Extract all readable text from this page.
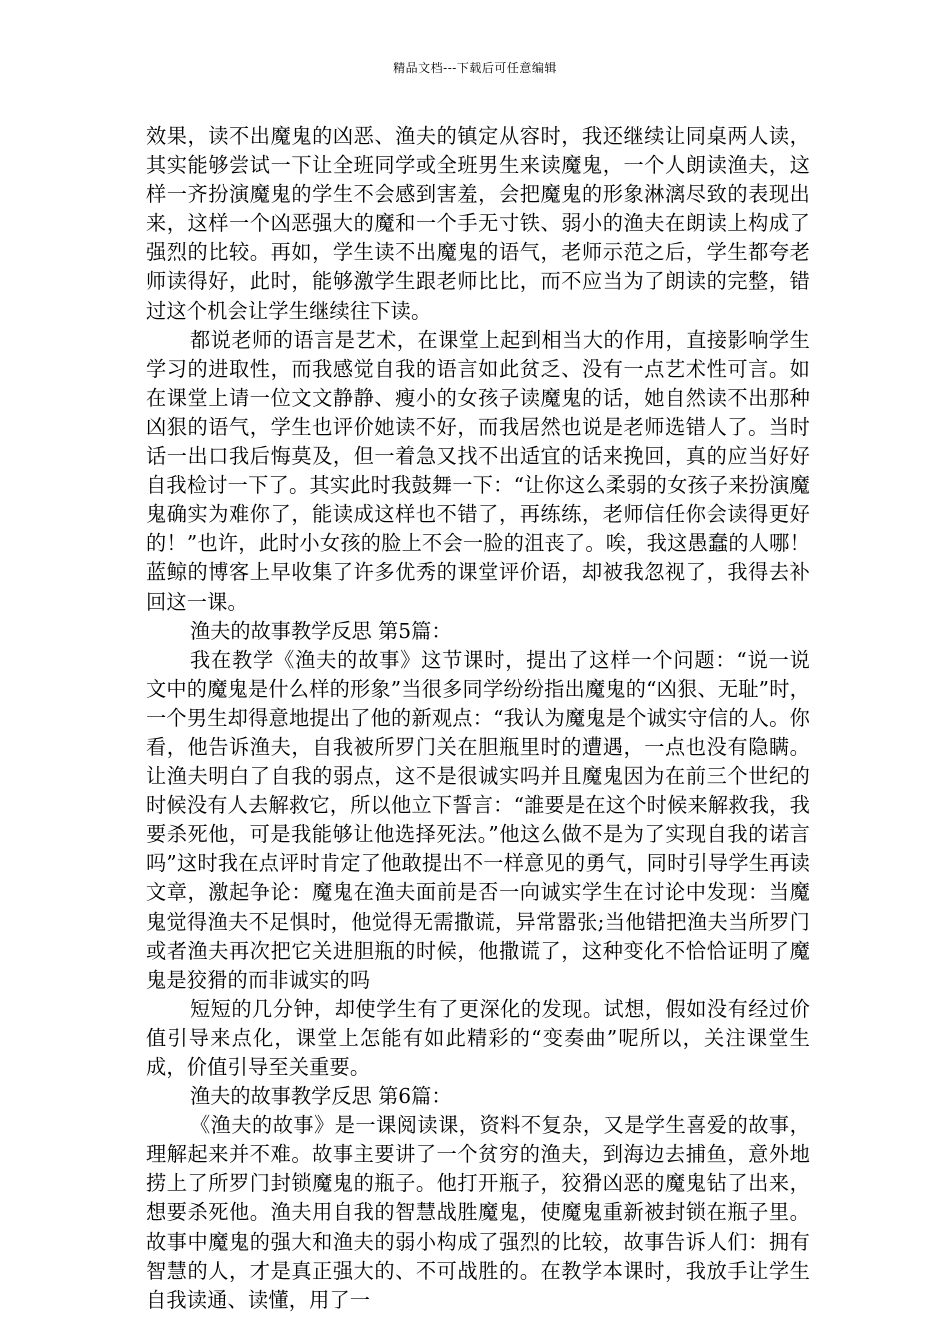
精品文档---下载后可任意编辑

效果，读不出魔鬼的凶恶、渔夫的镇定从容时，我还继续让同桌两人读，其实能够尝试一下让全班同学或全班男生来读魔鬼，一个人朗读渔夫，这样一齐扮演魔鬼的学生不会感到害羞，会把魔鬼的形象淋漓尽致的表现出来，这样一个凶恶强大的魔和一个手无寸铁、弱小的渔夫在朗读上构成了强烈的比较。再如，学生读不出魔鬼的语气，老师示范之后，学生都夸老师读得好，此时，能够激学生跟老师比比，而不应当为了朗读的完整，错过这个机会让学生继续往下读。

都说老师的语言是艺术，在课堂上起到相当大的作用，直接影响学生学习的进取性，而我感觉自我的语言如此贫乏、没有一点艺术性可言。如在课堂上请一位文文静静、瘦小的女孩子读魔鬼的话，她自然读不出那种凶狠的语气，学生也评价她读不好，而我居然也说是老师选错人了。当时话一出口我后悔莫及，但一着急又找不出适宜的话来挽回，真的应当好好自我检讨一下了。其实此时我鼓舞一下：“让你这么柔弱的女孩子来扮演魔鬼确实为难你了，能读成这样也不错了，再练练，老师信任你会读得更好的！”也许，此时小女孩的脸上不会一脸的沮丧了。唉，我这愚蠢的人哪！蓝鲸的博客上早收集了许多优秀的课堂评价语，却被我忽视了，我得去补回这一课。

渔夫的故事教学反思 第5篇：

我在教学《渔夫的故事》这节课时，提出了这样一个问题：“说一说文中的魔鬼是什么样的形象”当很多同学纷纷指出魔鬼的“凶狠、无耻”时，一个男生却得意地提出了他的新观点：“我认为魔鬼是个诚实守信的人。你看，他告诉渔夫，自我被所罗门关在胆瓶里时的遭遇，一点也没有隐瞒。让渔夫明白了自我的弱点，这不是很诚实吗并且魔鬼因为在前三个世纪的时候没有人去解救它，所以他立下誓言：“誰要是在这个时候来解救我，我要杀死他，可是我能够让他选择死法。”他这么做不是为了实现自我的诺言吗”这时我在点评时肯定了他敢提出不一样意见的勇气，同时引导学生再读文章，激起争论：魔鬼在渔夫面前是否一向诚实学生在讨论中发现：当魔鬼觉得渔夫不足惧时，他觉得无需撒谎，异常嚣张;当他错把渔夫当所罗门或者渔夫再次把它关进胆瓶的时候，他撒谎了，这种变化不恰恰证明了魔鬼是狡猾的而非诚实的吗

短短的几分钟，却使学生有了更深化的发现。试想，假如没有经过价值引导来点化，课堂上怎能有如此精彩的“变奏曲”呢所以，关注课堂生成，价值引导至关重要。

渔夫的故事教学反思 第6篇：

《渔夫的故事》是一课阅读课，资料不复杂，又是学生喜爱的故事，理解起来并不难。故事主要讲了一个贫穷的渔夫，到海边去捕鱼，意外地捞上了所罗门封锁魔鬼的瓶子。他打开瓶子，狡猾凶恶的魔鬼钻了出来，想要杀死他。渔夫用自我的智慧战胜魔鬼，使魔鬼重新被封锁在瓶子里。故事中魔鬼的强大和渔夫的弱小构成了强烈的比较，故事告诉人们：拥有智慧的人，才是真正强大的、不可战胜的。在教学本课时，我放手让学生自我读通、读懂，用了一
